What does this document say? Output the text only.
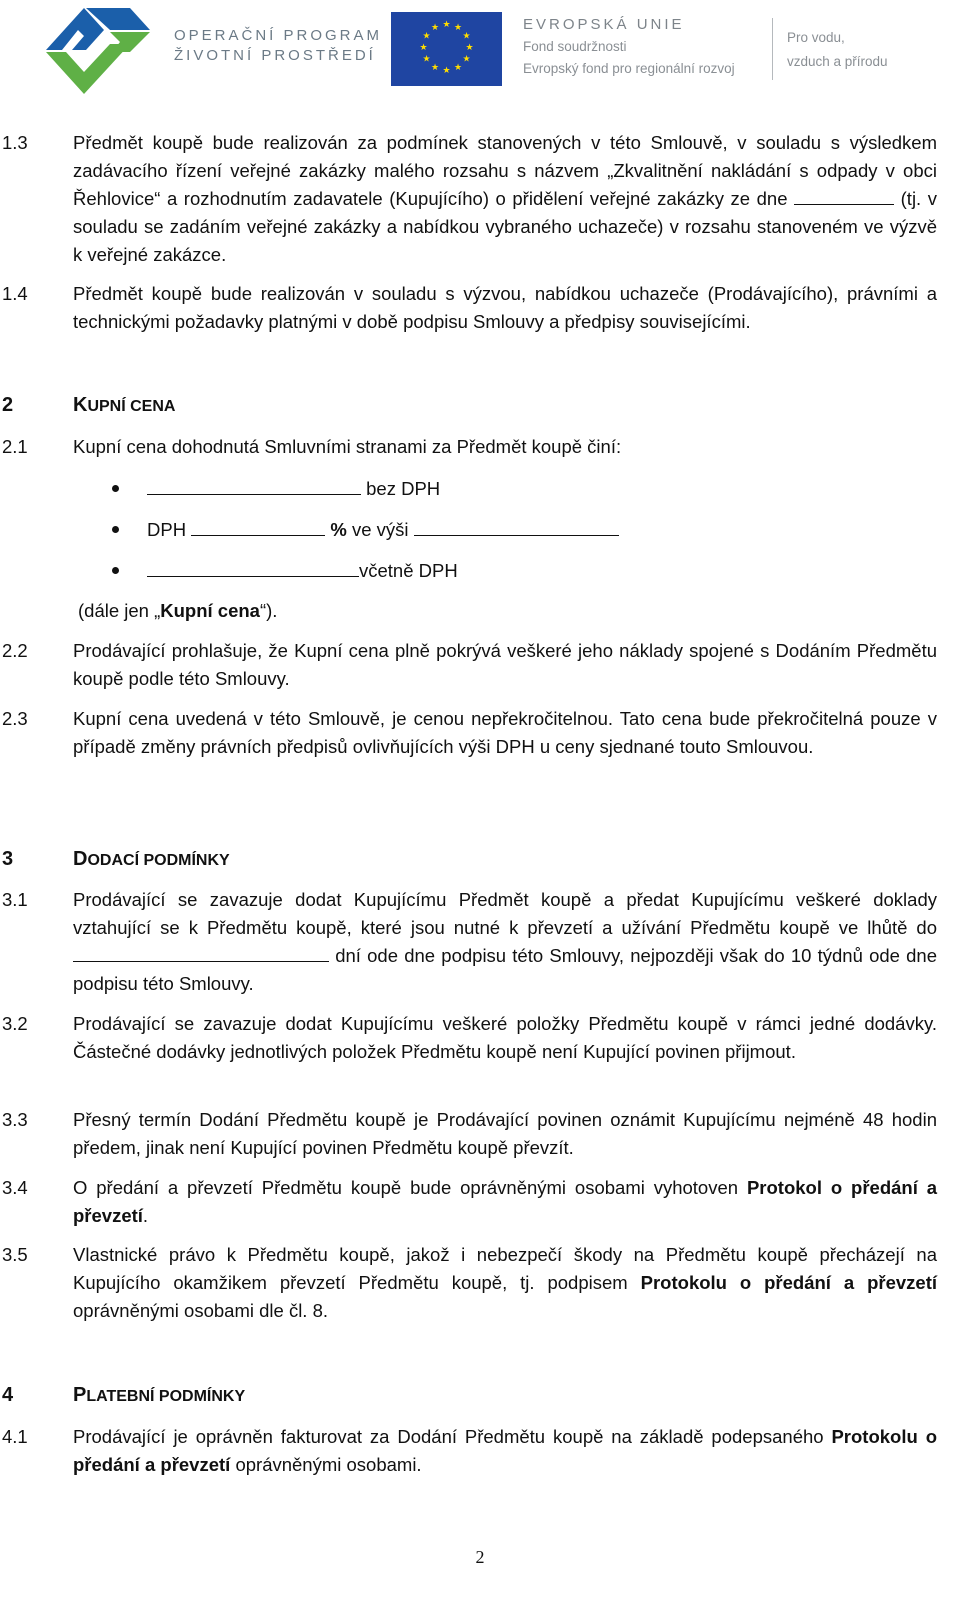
OPERAČNÍ PROGRAM
ŽIVOTNÍ PROSTŘEDÍ
★ ★
★
★
★
★
★
★
★
★
★
★	EVROPSKÁ UNIE
Fond soudržnosti
Evropský fond pro regionální rozvoj
Pro vodu,
vzduch a přírodu
1.3 Předmět koupě bude realizován za podmínek stanovených v této Smlouvě, v souladu s výsledkem zadávacího řízení veřejné zakázky malého rozsahu s názvem „Zkvalitnění nakládání s odpady v obci Řehlovice“ a rozhodnutím zadavatele (Kupujícího) o přidělení veřejné zakázky ze dne	(tj. v souladu se zadáním veřejné zakázky a nabídkou vybraného uchazeče) v rozsahu stanoveném ve výzvě k veřejné zakázce.
1.4 Předmět koupě bude realizován v souladu s výzvou, nabídkou uchazeče (Prodávajícího), právními a technickými požadavky platnými v době podpisu Smlouvy a předpisy souvisejícími.
2	KUPNÍ CENA
2.1 Kupní cena dohodnutá Smluvními stranami za Předmět koupě činí:
bez DPH
DPH	% ve výši
včetně DPH
(dále jen „Kupní cena“).
2.2 Prodávající prohlašuje, že Kupní cena plně pokrývá veškeré jeho náklady spojené s Dodáním Předmětu koupě podle této Smlouvy.
2.3 Kupní cena uvedená v této Smlouvě, je cenou nepřekročitelnou. Tato cena bude překročitelná pouze v případě změny právních předpisů ovlivňujících výši DPH u ceny sjednané touto Smlouvou.
3	DODACÍ PODMÍNKY
3.1 Prodávající se zavazuje dodat Kupujícímu Předmět koupě a předat Kupujícímu veškeré doklady vztahující se k Předmětu koupě, které jsou nutné k převzetí a užívání Předmětu koupě ve lhůtě do  dní ode dne podpisu této Smlouvy, nejpozději však do 10 týdnů ode dne podpisu této Smlouvy.
3.2 Prodávající se zavazuje dodat Kupujícímu veškeré položky Předmětu koupě v rámci jedné dodávky. Částečné dodávky jednotlivých položek Předmětu koupě není Kupující povinen přijmout.
3.3 Přesný termín Dodání Předmětu koupě je Prodávající povinen oznámit Kupujícímu nejméně 48 hodin předem, jinak není Kupující povinen Předmětu koupě převzít.
3.4 O předání a převzetí Předmětu koupě bude oprávněnými osobami vyhotoven Protokol o předání a převzetí.
3.5 Vlastnické právo k Předmětu koupě, jakož i nebezpečí škody na Předmětu koupě přecházejí na Kupujícího okamžikem převzetí Předmětu koupě, tj. podpisem Protokolu o předání a převzetí oprávněnými osobami dle čl. 8.
4	PLATEBNÍ PODMÍNKY
4.1 Prodávající je oprávněn fakturovat za Dodání Předmětu koupě na základě podepsaného Protokolu o předání a převzetí oprávněnými osobami.
2
